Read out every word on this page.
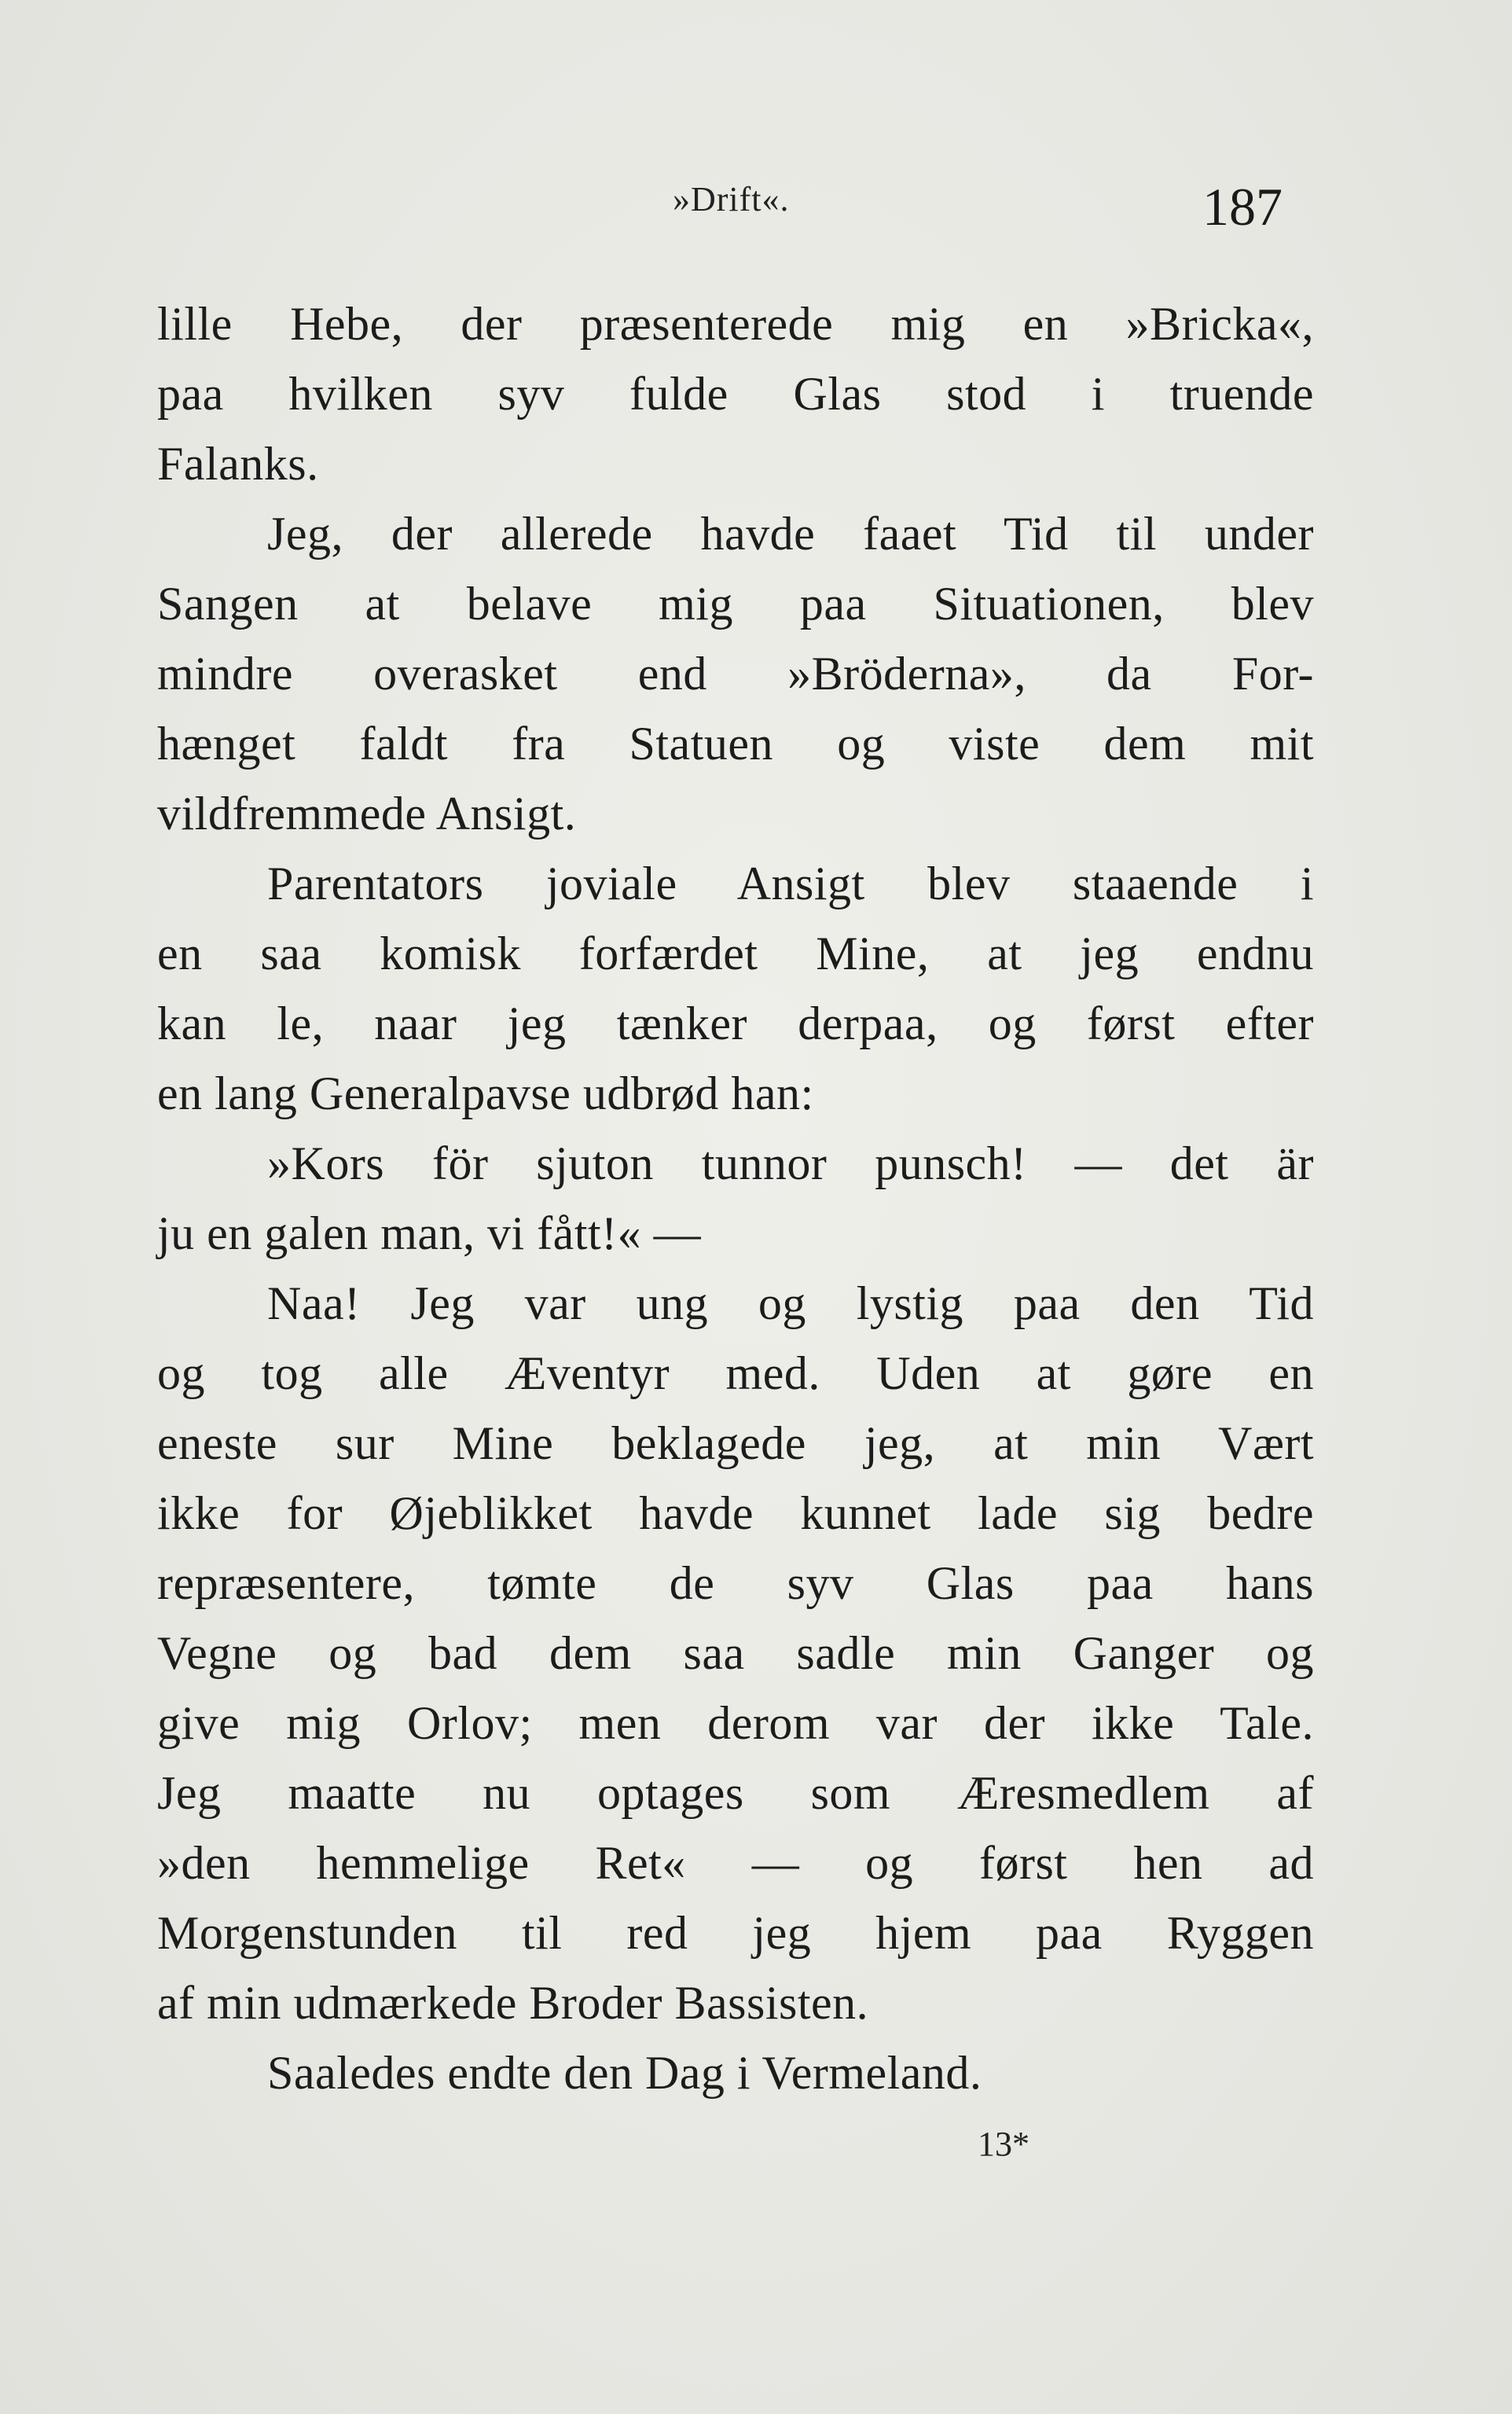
»Drift«.	187
lille Hebe, der præsenterede mig en »Bricka«,
paa hvilken syv fulde Glas stod i truende
Falanks.
Jeg, der allerede havde faaet Tid til under
Sangen at belave mig paa Situationen, blev
mindre overasket end »Bröderna», da For-
hænget faldt fra Statuen og viste dem mit
vildfremmede Ansigt.
Parentators joviale Ansigt blev staaende i
en saa komisk forfærdet Mine, at jeg endnu
kan le, naar jeg tænker derpaa, og først efter
en lang Generalpavse udbrød han:
»Kors för sjuton tunnor punsch! — det är
ju en galen man, vi fått!« —
Naa! Jeg var ung og lystig paa den Tid
og tog alle Æventyr med. Uden at gøre en
eneste sur Mine beklagede jeg, at min Vært
ikke for Øjeblikket havde kunnet lade sig bedre
repræsentere, tømte de syv Glas paa hans
Vegne og bad dem saa sadle min Ganger og
give mig Orlov; men derom var der ikke Tale.
Jeg maatte nu optages som Æresmedlem af
»den hemmelige Ret« — og først hen ad
Morgenstunden til red jeg hjem paa Ryggen
af min udmærkede Broder Bassisten.
Saaledes endte den Dag i Vermeland.
13*
